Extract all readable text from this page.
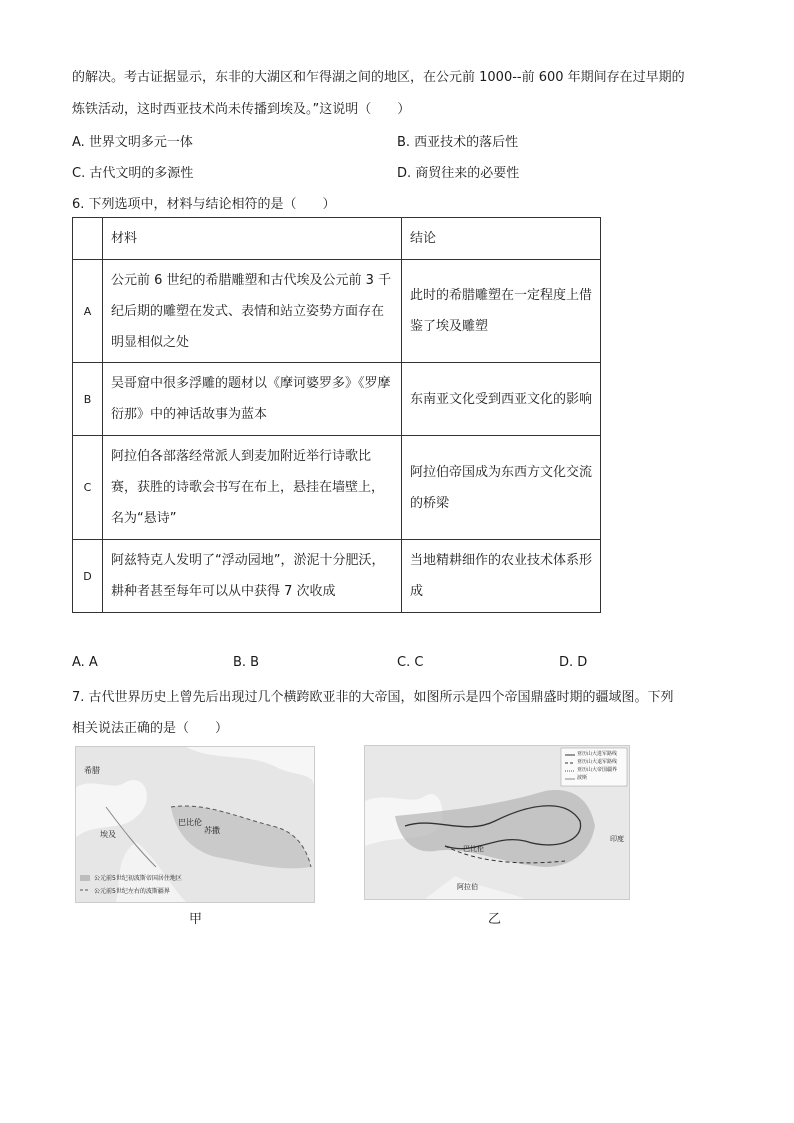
的解决。考古证据显示，东非的大湖区和乍得湖之间的地区，在公元前 1000--前 600 年期间存在过早期的
炼铁活动，这时西亚技术尚未传播到埃及。”这说明（　　）
A. 世界文明多元一体	B. 西亚技术的落后性
C. 古代文明的多源性	D. 商贸往来的必要性
6. 下列选项中，材料与结论相符的是（　　）
	材料	结论
A	公元前 6 世纪的希腊雕塑和古代埃及公元前 3 千纪后期的雕塑在发式、表情和站立姿势方面存在明显相似之处	此时的希腊雕塑在一定程度上借鉴了埃及雕塑
B	吴哥窟中很多浮雕的题材以《摩诃婆罗多》《罗摩衍那》中的神话故事为蓝本	东南亚文化受到西亚文化的影响
C	阿拉伯各部落经常派人到麦加附近举行诗歌比赛，获胜的诗歌会书写在布上，悬挂在墙壁上，名为“悬诗”	阿拉伯帝国成为东西方文化交流的桥梁
D	阿兹特克人发明了“浮动园地”，淤泥十分肥沃，耕种者甚至每年可以从中获得 7 次收成	当地精耕细作的农业技术体系形成
A. A	B. B	C. C	D. D
7. 古代世界历史上曾先后出现过几个横跨欧亚非的大帝国，如图所示是四个帝国鼎盛时期的疆域图。下列
相关说法正确的是（　　）
希腊
巴比伦
苏撒
埃及
公元前5世纪初波斯帝国居住地区
公元前5世纪左右的波斯疆界
甲
亚历山大进军路线
亚历山大退军路线
亚历山大帝国疆界
波斯
巴比伦
阿拉伯
印度
乙
